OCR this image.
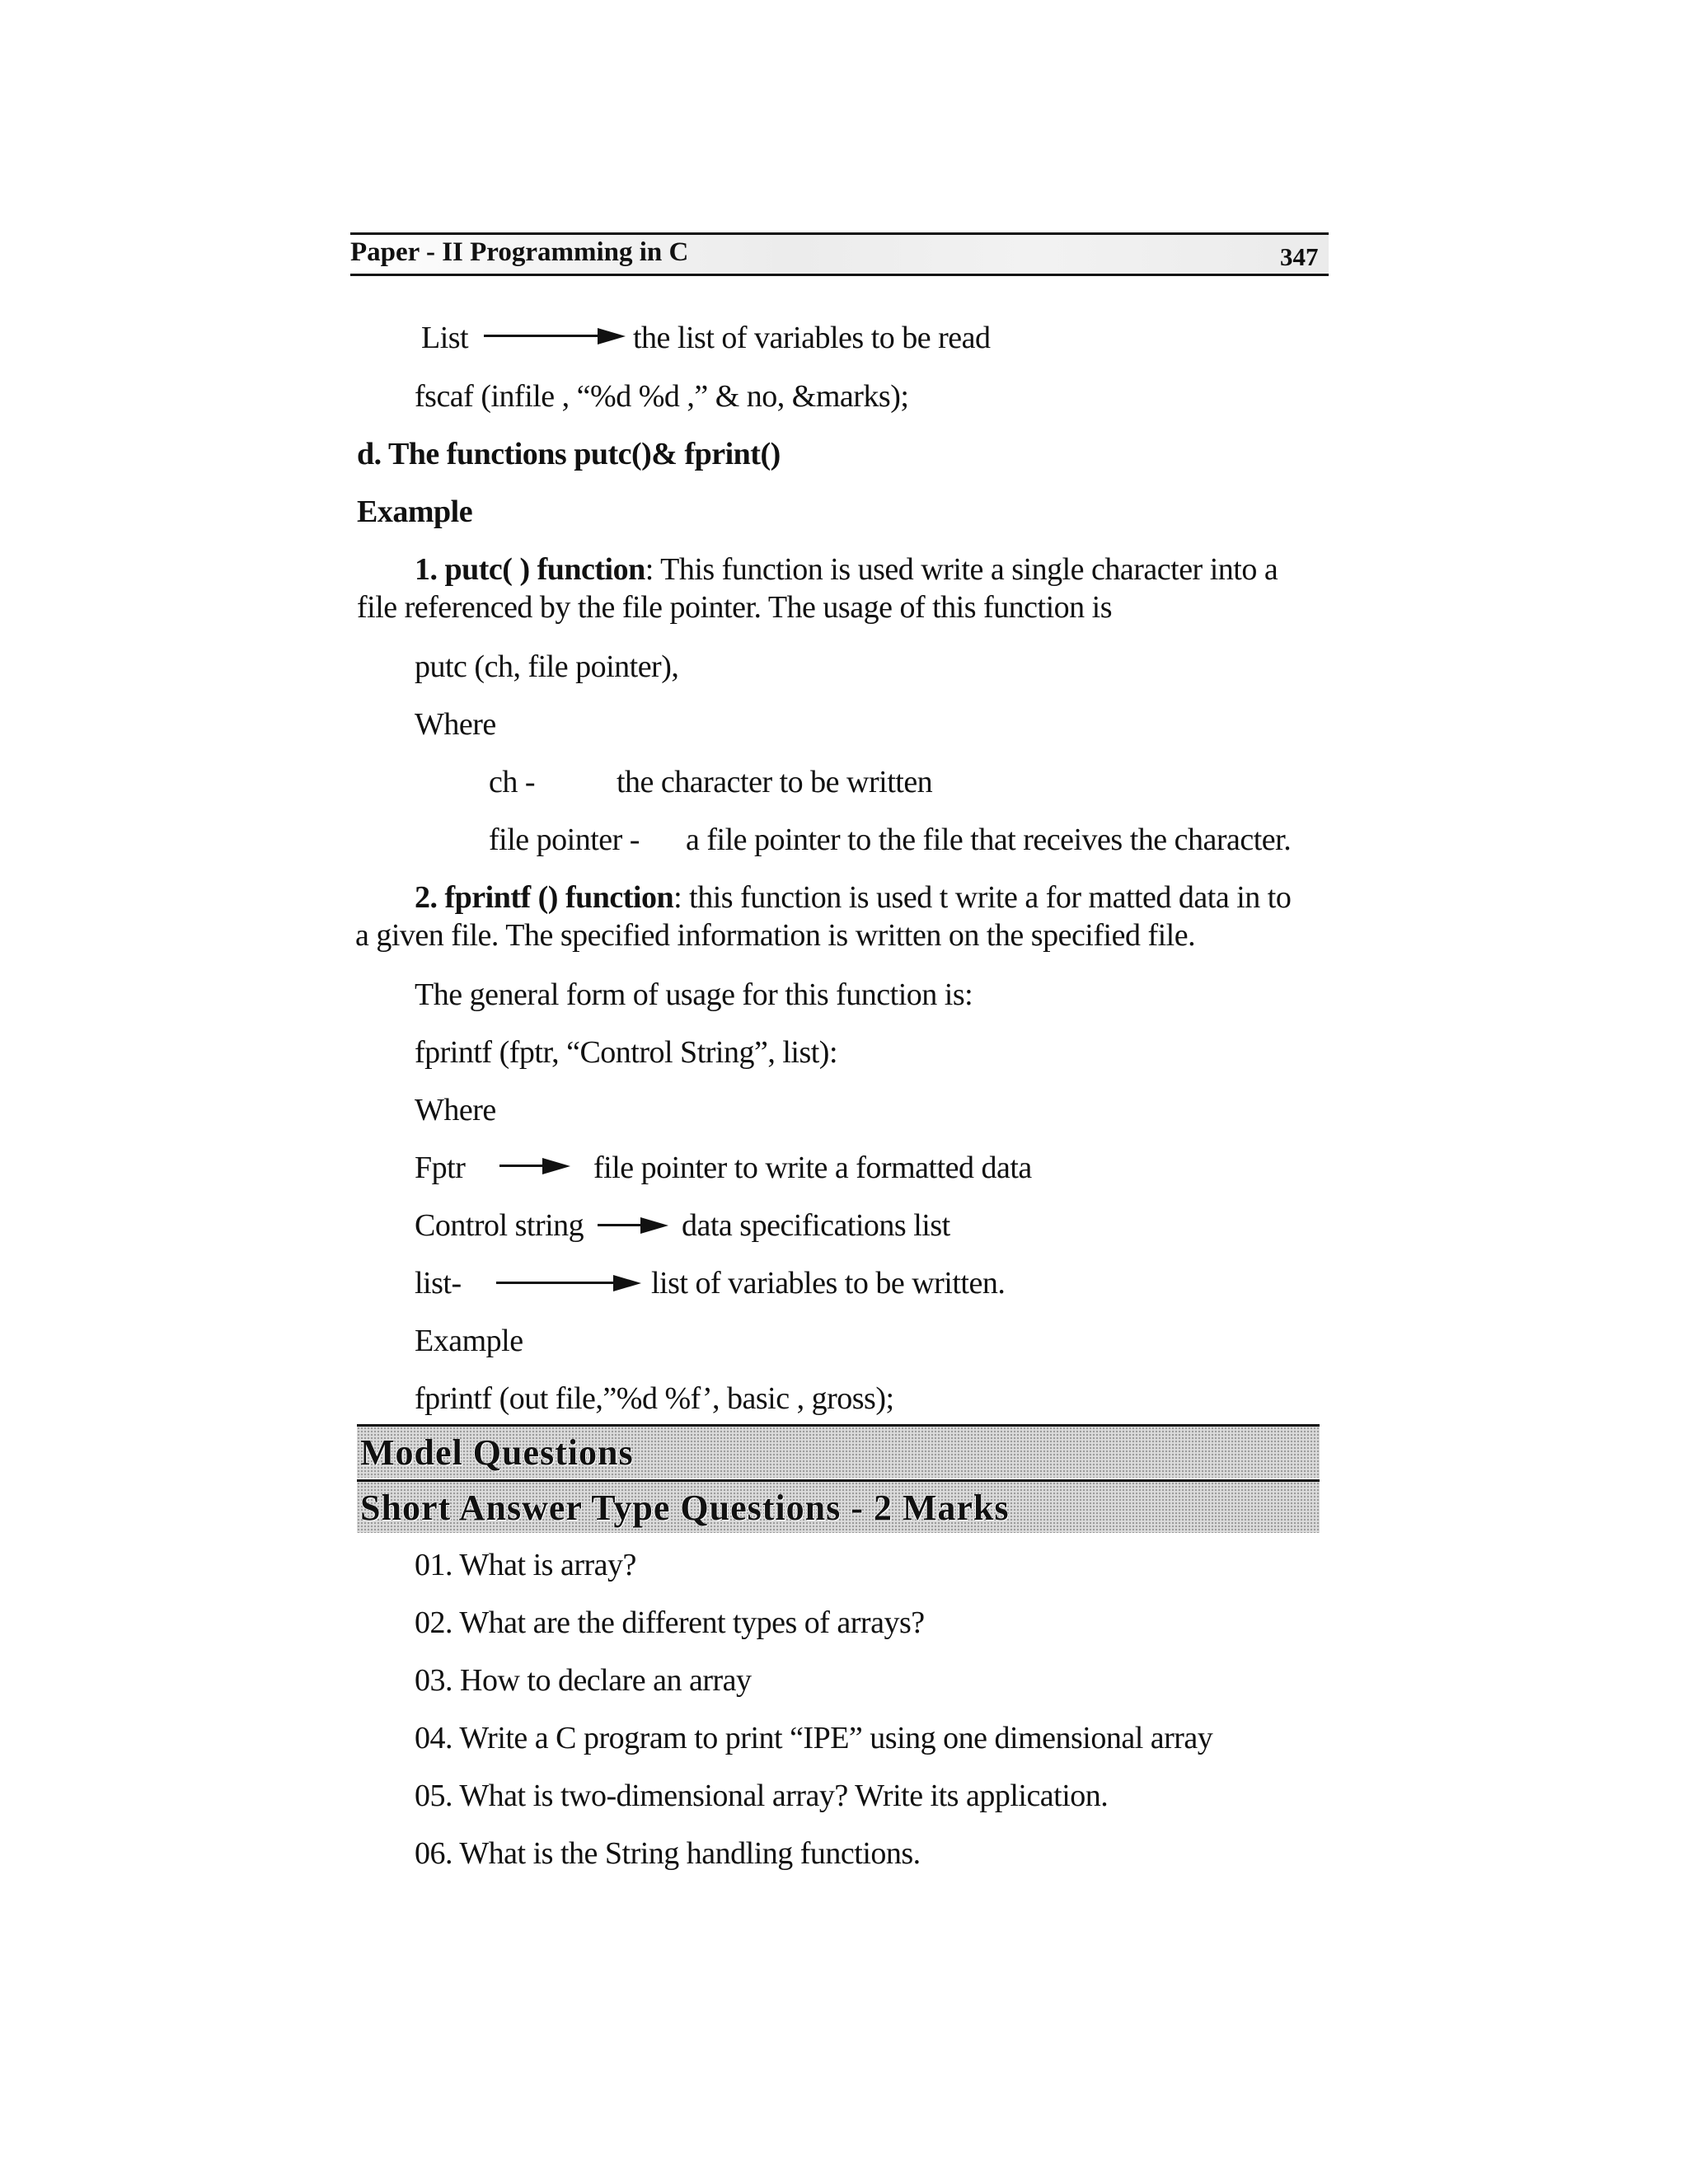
Paper - II Programming in C	347
List	the list of variables to be read
fscaf (infile , “%d %d ,” & no, &marks);
d. The functions putc()& fprint()
Example
1. putc( ) function: This function is used write a single character into a
file referenced by the file pointer. The usage of this function is
putc (ch, file pointer),
Where
ch -	the character to be written
file pointer - a file pointer to the file that receives the character.
2. fprintf () function: this function is used t write a for matted data in to
a given file. The specified information is written on the specified file.
The general form of usage for this function is:
fprintf (fptr, “Control String”, list):
Where
Fptr	file pointer to write a formatted data
Control string	data specifications list
list-	list of variables to be written.
Example
fprintf (out file,”%d %f’, basic , gross);
Model Questions
Short Answer Type Questions - 2 Marks
01. What is array?
02. What are the different types of arrays?
03. How to declare an array
04. Write a C program to print “IPE” using one dimensional array
05. What is two-dimensional array? Write its application.
06. What is the String handling functions.
